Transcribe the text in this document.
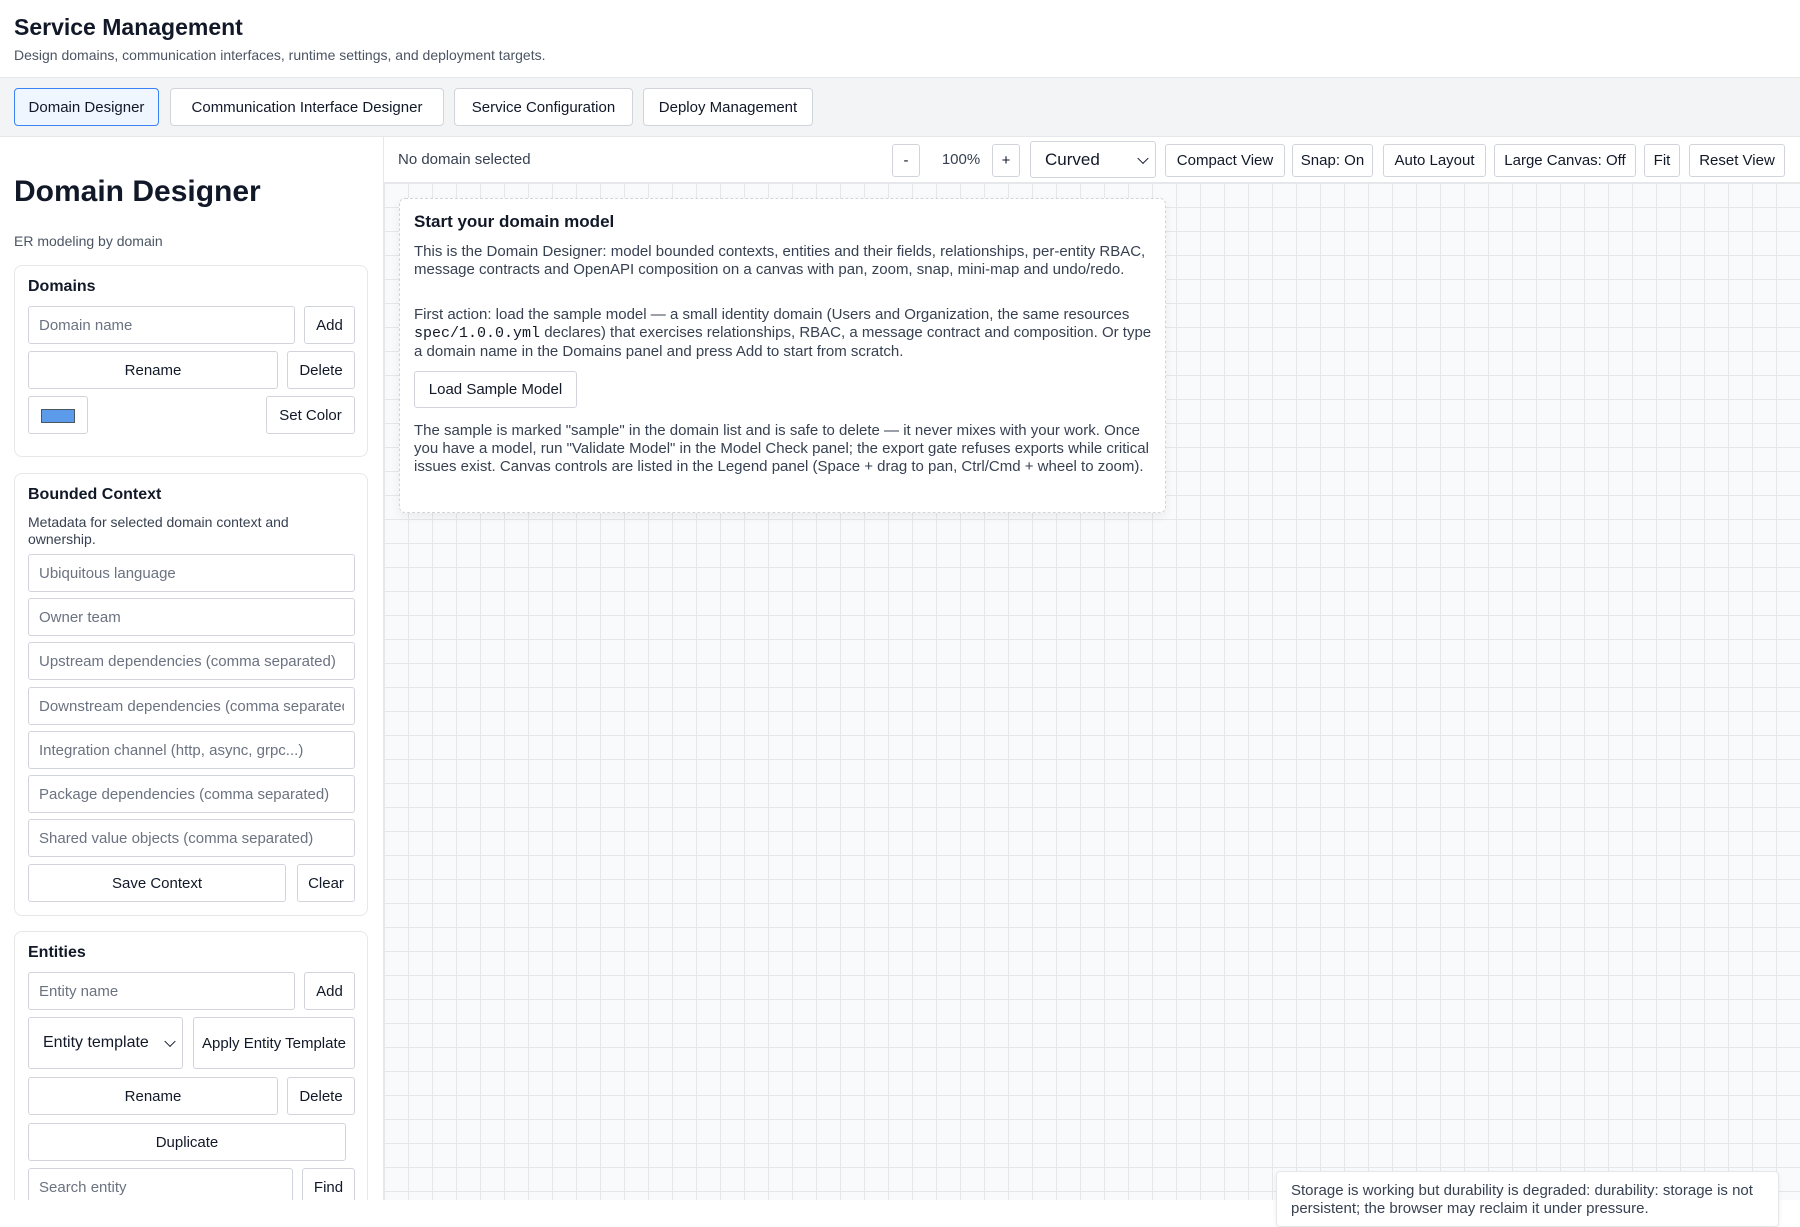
Service Management
Design domains, communication interfaces, runtime settings, and deployment targets.
Domain Designer	Communication Interface Designer	Service Configuration	Deploy Management
Domain Designer
ER modeling by domain
Domains
Domain name
Add
Rename	Delete
Set Color
Bounded Context
Metadata for selected domain context and ownership.
Ubiquitous language
Owner team
Upstream dependencies (comma separated)
Downstream dependencies (comma separated)
Integration channel (http, async, grpc...)
Package dependencies (comma separated)
Shared value objects (comma separated)
Save Context	Clear
Entities
Entity name
Add
Entity template	Apply Entity Template
Rename	Delete
Duplicate
Search entity
Find
No domain selected	-	100%	+	Curved	Compact View	Snap: On	Auto Layout	Large Canvas: Off	Fit	Reset View
Start your domain model
This is the Domain Designer: model bounded contexts, entities and their fields, relationships, per-entity RBAC, message contracts and OpenAPI composition on a canvas with pan, zoom, snap, mini-map and undo/redo.
First action: load the sample model — a small identity domain (Users and Organization, the same resources spec/1.0.0.yml declares) that exercises relationships, RBAC, a message contract and composition. Or type a domain name in the Domains panel and press Add to start from scratch.
Load Sample Model
The sample is marked "sample" in the domain list and is safe to delete — it never mixes with your work. Once you have a model, run "Validate Model" in the Model Check panel; the export gate refuses exports while critical issues exist. Canvas controls are listed in the Legend panel (Space + drag to pan, Ctrl/Cmd + wheel to zoom).
Storage is working but durability is degraded: durability: storage is not persistent; the browser may reclaim it under pressure.
